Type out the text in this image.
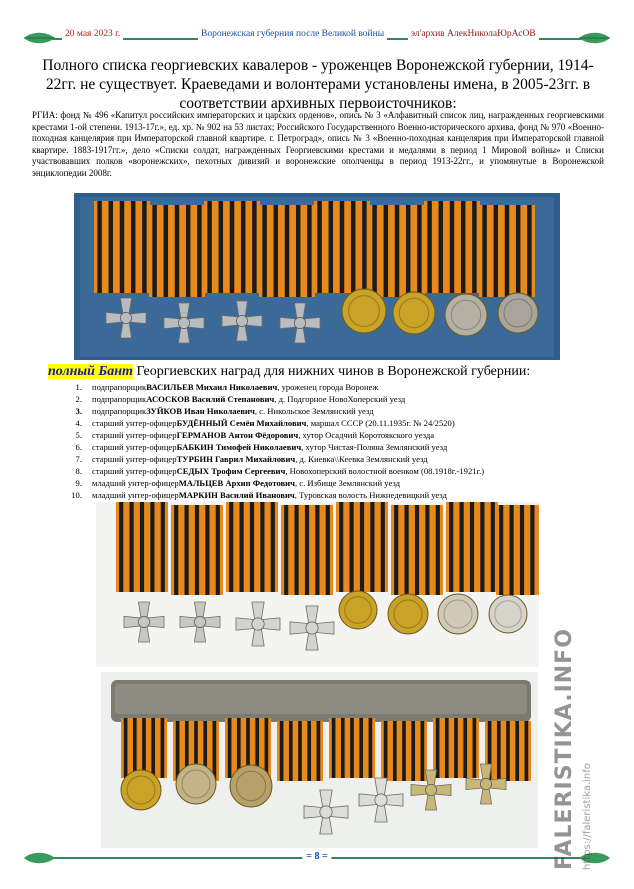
20 мая 2023 г.	Воронежская губерния после Великой войны	эл'архив АлекНиколаЮрАсОВ
Полного списка георгиевских кавалеров - уроженцев Воронежской губернии, 1914-22гг. не существует. Краеведами и волонтерами установлены имена, в 2005-23гг. в соответствии архивных первоисточников:
РГИА: фонд № 496 «Капитул российских императорских и царских орденов», опись № 3 «Алфавитный список лиц, награжденных георгиевскими крестами 1-ой степени. 1913-17г.», ед. хр. № 902 на 53 листах; Российского Государственного Военно-исторического архива, фонд № 970 «Военно-походная канцелярия при Императорской главной квартире. г. Петроград», опись № 3 «Военно-походная канцелярия при Императорской главной квартире. 1883-1917гг.», дело «Списки солдат, награжденных Георгиевскими крестами и медалями в период 1 Мировой войны» и Списки участвовавших полков «воронежских», пехотных дивизий и воронежские ополченцы в период 1913-22гг., и упомянутые в Воронежской энциклопедии 2008г.
полный Бант Георгиевских наград для нижних чинов в Воронежской губернии:
1.	подпрапорщик ВАСИЛЬЕВ Михаил Николаевич , уроженец города Воронеж
2.	подпрапорщик АСОСКОВ Василий Степанович , д. Подгорное НовоХоперский уезд
3.	подпрапорщик ЗУЙКОВ Иван Николаевич , с. Никольское Землянский уезд
4.	старший унтер-офицер БУДЁННЫЙ Семён Михайлович , маршал СССР (20.11.1935г. № 24/2520)
5.	старший унтер-офицер ГЕРМАНОВ Антон Фёдорович , хутор Осадчий Коротоякского уезда
6.	старший унтер-офицер БАБКИН Тимофей Николаевич , хутор Чистая-Поляна Землянский уезд
7.	старший унтер-офицер ТУРБИН Гаврил Михайлович , д. Киевка\\Кеевка Землянский уезд
8.	старший унтер-офицер СЕДЫХ Трофим Сергеевич , Новохоперский волостной военком (08.1918г.-1921г.)
9.	младший унтер-офицер МАЛЬЦЕВ Архип Федотович , с. Избище Землянский уезд
10.	младший унтер-офицер МАРКИН Василий Иванович , Туровская волость Нижнедевицкий уезд
= 8 =	FALERISTIKA.INFO https://faleristika.info
